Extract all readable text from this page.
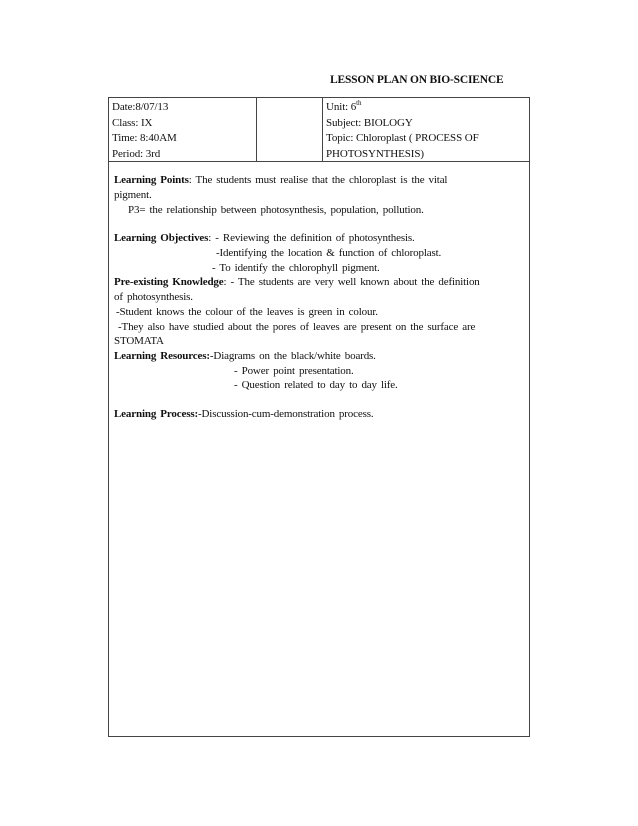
LESSON PLAN ON BIO-SCIENCE
Date:8/07/13
Class: IX
Time: 8:40AM
Period: 3rd
Unit: 6th
Subject: BIOLOGY
Topic: Chloroplast ( PROCESS OF
PHOTOSYNTHESIS)
Learning Points: The students must realise that the chloroplast is the vital
pigment.
P3= the relationship between photosynthesis, population, pollution.
Learning Objectives: - Reviewing the definition of photosynthesis.
-Identifying the location & function of chloroplast.
- To identify the chlorophyll pigment.
Pre-existing Knowledge: - The students are very well known about the definition
of photosynthesis.
-Student knows the colour of the leaves is green in colour.
-They also have studied about the pores of leaves are present on the surface are
STOMATA
Learning Resources:-Diagrams on the black/white boards.
- Power point presentation.
- Question related to day to day life.
Learning Process:-Discussion-cum-demonstration process.
